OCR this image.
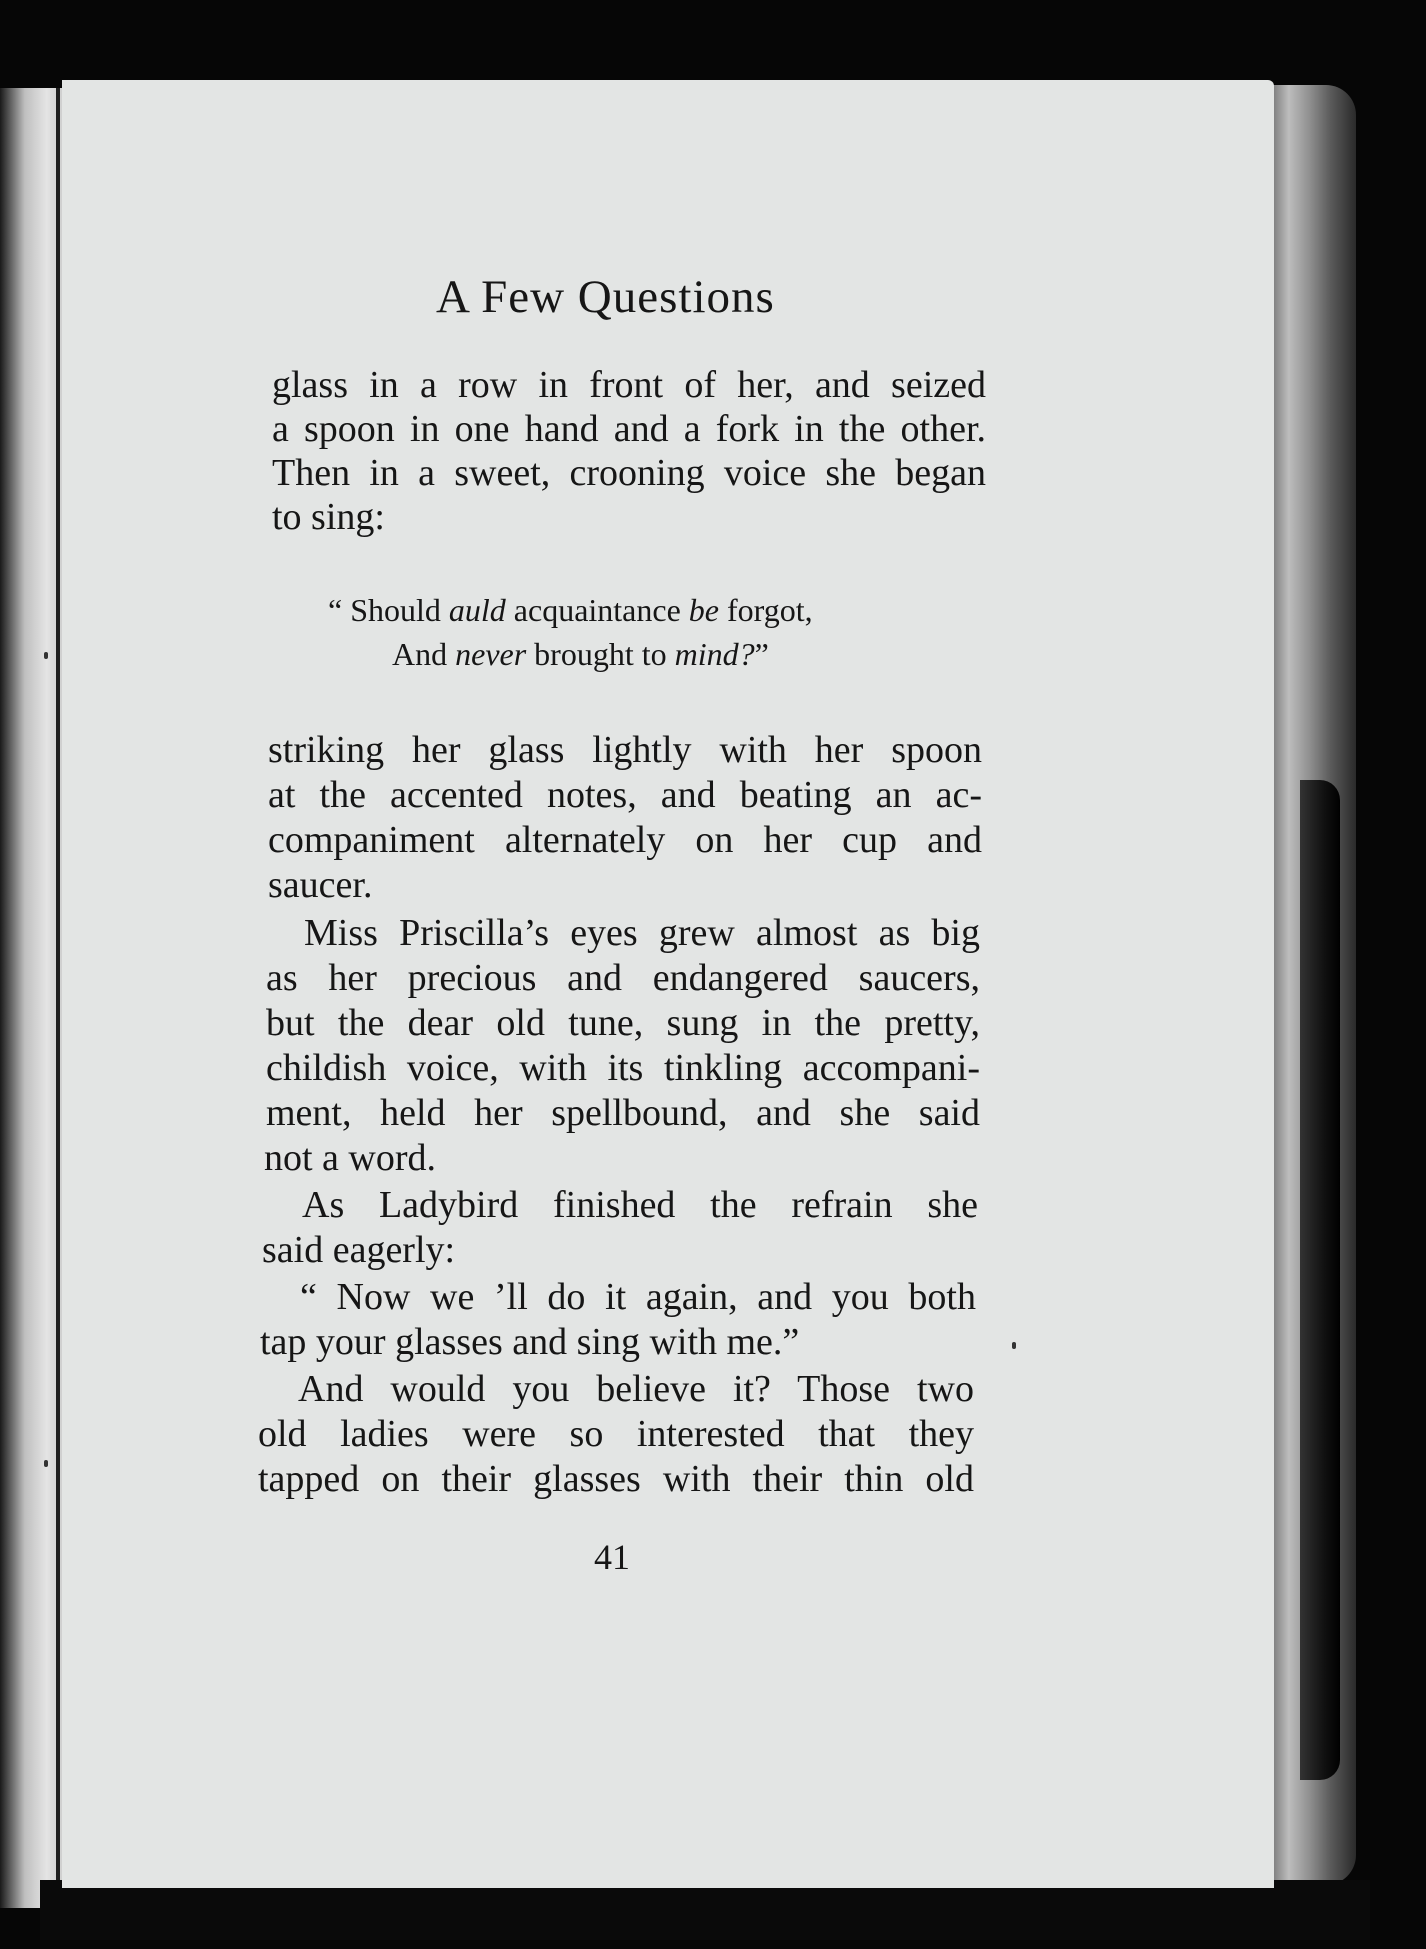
A Few Questions

glass in a row in front of her, and seized

a spoon in one hand and a fork in the other.

Then in a sweet, crooning voice she began

to sing:

“ Should auld acquaintance be forgot,

And never brought to mind?”

striking her glass lightly with her spoon

at the accented notes, and beating an ac-

companiment alternately on her cup and

saucer.

Miss Priscilla’s eyes grew almost as big

as her precious and endangered saucers,

but the dear old tune, sung in the pretty,

childish voice, with its tinkling accompani-

ment, held her spellbound, and she said

not a word.

As Ladybird finished the refrain she

said eagerly:

“ Now we ’ll do it again, and you both

tap your glasses and sing with me.”

And would you believe it? Those two

old ladies were so interested that they

tapped on their glasses with their thin old

41
